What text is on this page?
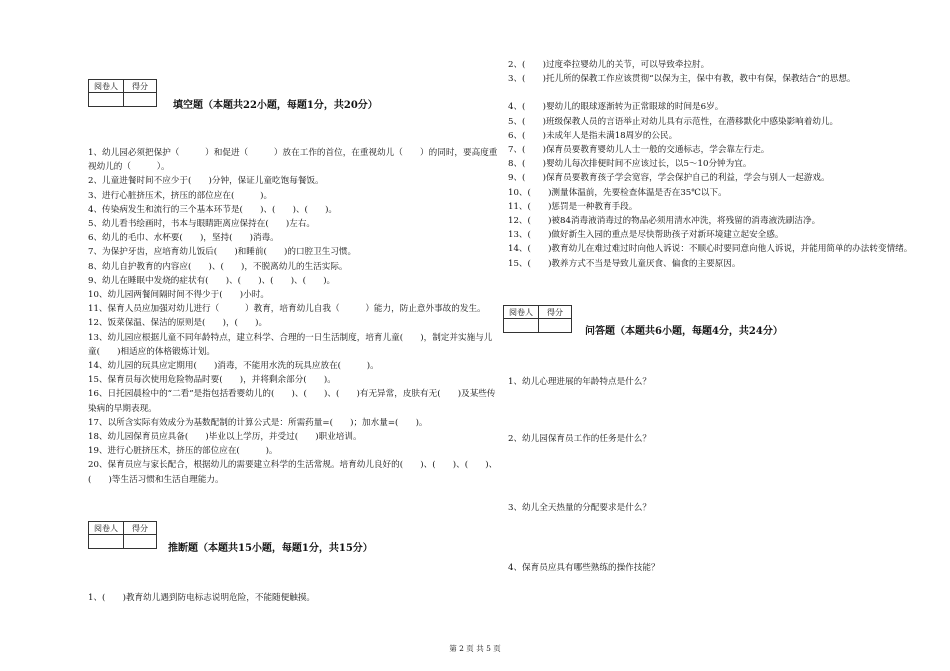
阅卷人	得分

填空题（本题共22小题，每题1分，共20分）

1、幼儿园必须把保护（　　　）和促进（　　　）放在工作的首位，在重视幼儿（　　）的同时，要高度重视幼儿的（　　　）。

2、儿童进餐时间不应少于(　　)分钟，保证儿童吃饱每餐饭。

3、进行心脏挤压术，挤压的部位应在(　　　)。

4、传染病发生和流行的三个基本环节是(　　)、(　　)、(　　)。

5、幼儿看书绘画时，书本与眼睛距离应保持在(　　)左右。

6、幼儿的毛巾、水杯要(　　)，坚持(　　)消毒。

7、为保护牙齿，应培育幼儿饭后(　　)和睡前(　　)的口腔卫生习惯。

8、幼儿自护教育的内容应(　　)、(　　)，不脱离幼儿的生活实际。

9、幼儿在睡眠中发烧的症状有(　　)、(　　)、(　　)、(　　)。

10、幼儿园两餐间隔时间不得少于(　　)小时。

11、保育人员应加强对幼儿进行（　　　）教育，培育幼儿自我（　　　）能力，防止意外事故的发生。

12、饭菜保温、保洁的原则是(　　)，(　　)。

13、幼儿园应根据儿童不同年龄特点，建立科学、合理的一日生活制度，培育儿童(　　)，制定并实施与儿童(　　)相适应的体格锻炼计划。

14、幼儿园的玩具应定期用(　　)消毒，不能用水洗的玩具应放在(　　　)。

15、保育员每次使用危险物品时要(　　)，并将剩余部分(　　)。

16、日托园晨检中的“二看”是指包括看婴幼儿的(　　)、(　　)、(　　)有无异常，皮肤有无(　　)及某些传染病的早期表现。

17、以所含实际有效成分为基数配制的计算公式是：所需药量=(　　)；加水量=(　　)。

18、幼儿园保育员应具备(　　)毕业以上学历，并受过(　　)职业培训。

19、进行心脏挤压术，挤压的部位应在(　　　)。

20、保育员应与家长配合，根据幼儿的需要建立科学的生活常规。培育幼儿良好的(　　)、(　　)、(　　)、(　　)等生活习惯和生活自理能力。

阅卷人	得分

推断题（本题共15小题，每题1分，共15分）

1、(　　)教育幼儿遇到防电标志说明危险，不能随便触摸。

2、(　　)过度牵拉婴幼儿的关节，可以导致牵拉肘。

3、(　　)托儿所的保教工作应该贯彻“以保为主，保中有教，教中有保，保教结合”的思想。

4、(　　)婴幼儿的眼球逐渐转为正常眼球的时间是6岁。

5、(　　)班级保教人员的言语举止对幼儿具有示范性，在潜移默化中感染影响着幼儿。

6、(　　)未成年人是指未满18周岁的公民。

7、(　　)保育员要教育婴幼儿人士一般的交通标志，学会靠左行走。

8、(　　)婴幼儿每次排便时间不应该过长，以5～10分钟为宜。

9、(　　)保育员要教育孩子学会宽容，学会保护自己的利益，学会与别人一起游戏。

10、(　　)测量体温前，先要检查体温是否在35℃以下。

11、(　　)惩罚是一种教育手段。

12、(　　)被84消毒液消毒过的物品必须用清水冲洗，将残留的消毒液洗刷洁净。

13、(　　)做好新生入园的重点是尽快帮助孩子对新环境建立起安全感。

14、(　　)教育幼儿在难过难过时向他人诉说：不顺心时要同意向他人诉说，并能用简单的办法转变情绪。

15、(　　)教养方式不当是导致儿童厌食、偏食的主要原因。

阅卷人	得分

问答题（本题共6小题，每题4分，共24分）
1、幼儿心理进展的年龄特点是什么？
2、幼儿园保育员工作的任务是什么？
3、幼儿全天热量的分配要求是什么？
4、保育员应具有哪些熟练的操作技能？
第 2 页 共 5 页
